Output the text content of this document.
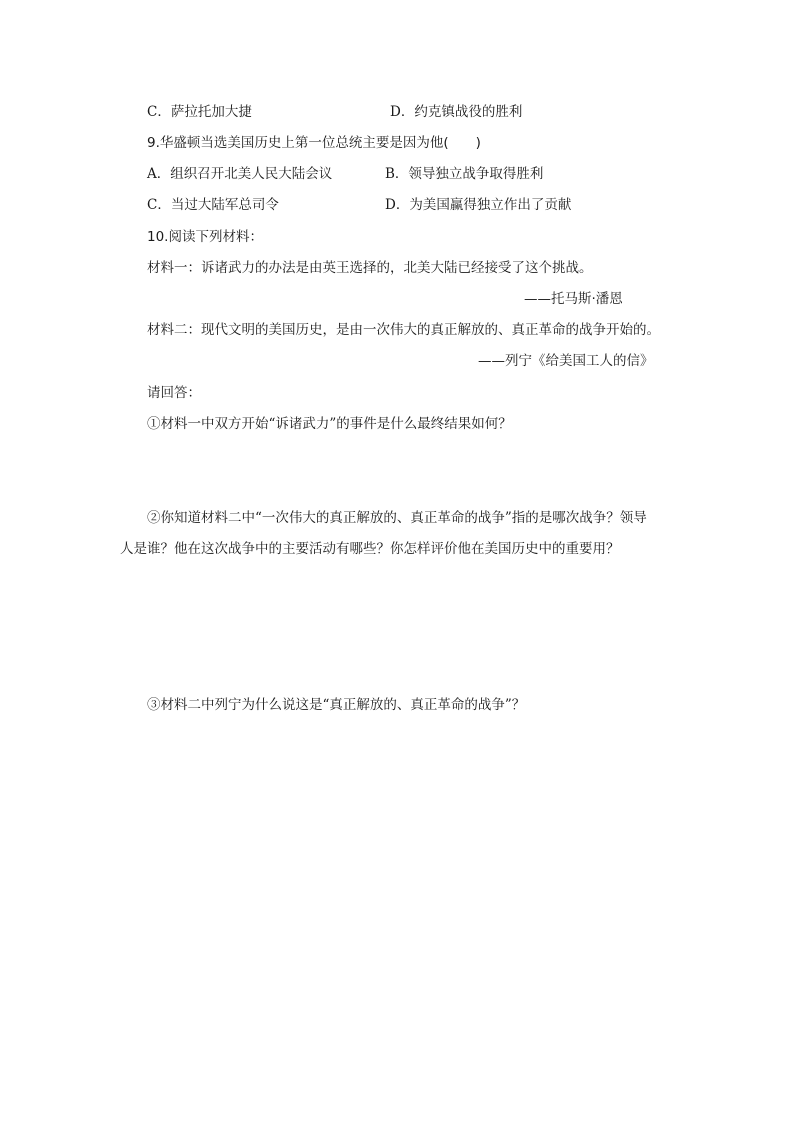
C．萨拉托加大捷	D．约克镇战役的胜利
9.华盛顿当选美国历史上第一位总统主要是因为他(　　)
A．组织召开北美人民大陆会议	B．领导独立战争取得胜利
C．当过大陆军总司令	D．为美国赢得独立作出了贡献
10.阅读下列材料：
材料一：诉诸武力的办法是由英王选择的，北美大陆已经接受了这个挑战。
——托马斯·潘恩
材料二：现代文明的美国历史，是由一次伟大的真正解放的、真正革命的战争开始的。
——列宁《给美国工人的信》
请回答：
①材料一中双方开始“诉诸武力”的事件是什么最终结果如何？
②你知道材料二中“一次伟大的真正解放的、真正革命的战争”指的是哪次战争？领导
人是谁？他在这次战争中的主要活动有哪些？你怎样评价他在美国历史中的重要用？
③材料二中列宁为什么说这是“真正解放的、真正革命的战争”？
